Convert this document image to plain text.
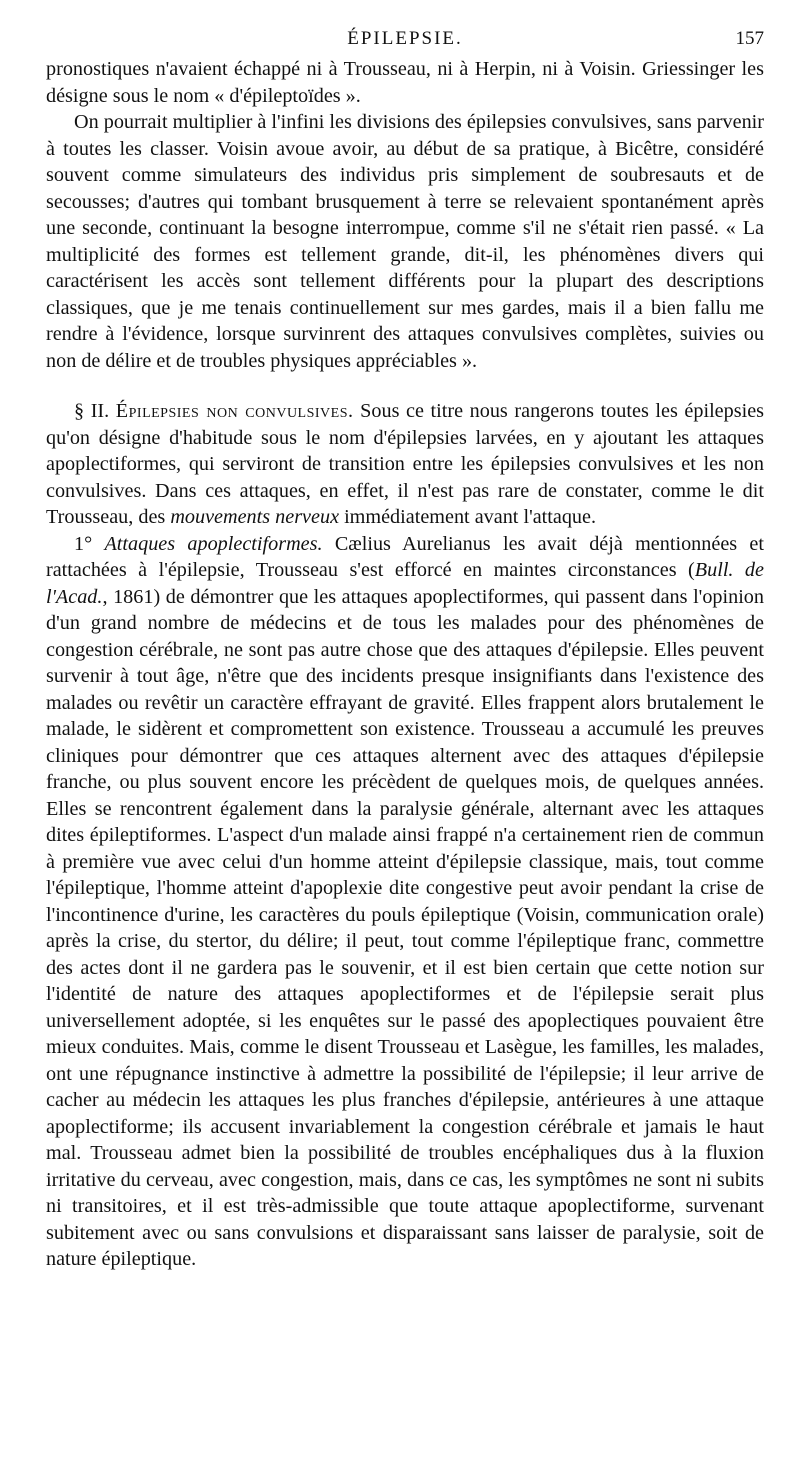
ÉPILEPSIE.	157

pronostiques n'avaient échappé ni à Trousseau, ni à Herpin, ni à Voisin. Griessinger les désigne sous le nom « d'épileptoïdes ».

On pourrait multiplier à l'infini les divisions des épilepsies convulsives, sans parvenir à toutes les classer. Voisin avoue avoir, au début de sa pratique, à Bicêtre, considéré souvent comme simulateurs des individus pris simplement de soubresauts et de secousses; d'autres qui tombant brusquement à terre se relevaient spontanément après une seconde, continuant la besogne interrompue, comme s'il ne s'était rien passé. « La multiplicité des formes est tellement grande, dit-il, les phénomènes divers qui caractérisent les accès sont tellement différents pour la plupart des descriptions classiques, que je me tenais continuellement sur mes gardes, mais il a bien fallu me rendre à l'évidence, lorsque survinrent des attaques convulsives complètes, suivies ou non de délire et de troubles physiques appréciables ».

§ II. Épilepsies non convulsives. Sous ce titre nous rangerons toutes les épilepsies qu'on désigne d'habitude sous le nom d'épilepsies larvées, en y ajoutant les attaques apoplectiformes, qui serviront de transition entre les épilepsies convulsives et les non convulsives. Dans ces attaques, en effet, il n'est pas rare de constater, comme le dit Trousseau, des mouvements nerveux immédiatement avant l'attaque.

1° Attaques apoplectiformes. Cælius Aurelianus les avait déjà mentionnées et rattachées à l'épilepsie, Trousseau s'est efforcé en maintes circonstances (Bull. de l'Acad., 1861) de démontrer que les attaques apoplectiformes, qui passent dans l'opinion d'un grand nombre de médecins et de tous les malades pour des phénomènes de congestion cérébrale, ne sont pas autre chose que des attaques d'épilepsie. Elles peuvent survenir à tout âge, n'être que des incidents presque insignifiants dans l'existence des malades ou revêtir un caractère effrayant de gravité. Elles frappent alors brutalement le malade, le sidèrent et compromettent son existence. Trousseau a accumulé les preuves cliniques pour démontrer que ces attaques alternent avec des attaques d'épilepsie franche, ou plus souvent encore les précèdent de quelques mois, de quelques années. Elles se rencontrent également dans la paralysie générale, alternant avec les attaques dites épileptiformes. L'aspect d'un malade ainsi frappé n'a certainement rien de commun à première vue avec celui d'un homme atteint d'épilepsie classique, mais, tout comme l'épileptique, l'homme atteint d'apoplexie dite congestive peut avoir pendant la crise de l'incontinence d'urine, les caractères du pouls épileptique (Voisin, communication orale) après la crise, du stertor, du délire; il peut, tout comme l'épileptique franc, commettre des actes dont il ne gardera pas le souvenir, et il est bien certain que cette notion sur l'identité de nature des attaques apoplectiformes et de l'épilepsie serait plus universellement adoptée, si les enquêtes sur le passé des apoplectiques pouvaient être mieux conduites. Mais, comme le disent Trousseau et Lasègue, les familles, les malades, ont une répugnance instinctive à admettre la possibilité de l'épilepsie; il leur arrive de cacher au médecin les attaques les plus franches d'épilepsie, antérieures à une attaque apoplectiforme; ils accusent invariablement la congestion cérébrale et jamais le haut mal. Trousseau admet bien la possibilité de troubles encéphaliques dus à la fluxion irritative du cerveau, avec congestion, mais, dans ce cas, les symptômes ne sont ni subits ni transitoires, et il est très-admissible que toute attaque apoplectiforme, survenant subitement avec ou sans convulsions et disparaissant sans laisser de paralysie, soit de nature épileptique.
